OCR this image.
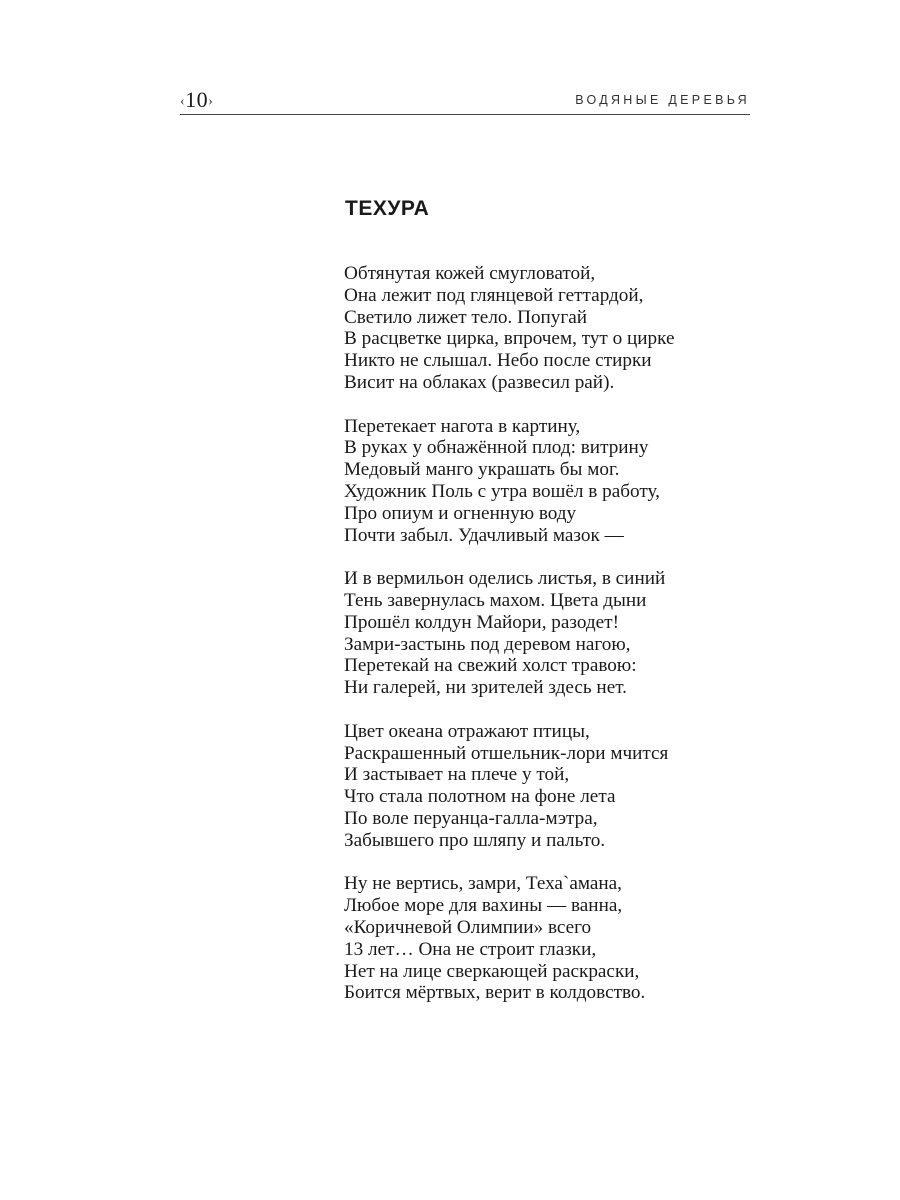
‹10›	ВОДЯНЫЕ ДЕРЕВЬЯ
ТЕХУРА
Обтянутая кожей смугловатой,
Она лежит под глянцевой геттардой,
Светило лижет тело. Попугай
В расцветке цирка, впрочем, тут о цирке
Никто не слышал. Небо после стирки
Висит на облаках (развесил рай).
Перетекает нагота в картину,
В руках у обнажённой плод: витрину
Медовый манго украшать бы мог.
Художник Поль с утра вошёл в работу,
Про опиум и огненную воду
Почти забыл. Удачливый мазок —
И в вермильон оделись листья, в синий
Тень завернулась махом. Цвета дыни
Прошёл колдун Майори, разодет!
Замри-застынь под деревом нагою,
Перетекай на свежий холст травою:
Ни галерей, ни зрителей здесь нет.
Цвет океана отражают птицы,
Раскрашенный отшельник-лори мчится
И застывает на плече у той,
Что стала полотном на фоне лета
По воле перуанца-галла-мэтра,
Забывшего про шляпу и пальто.
Ну не вертись, замри, Теха`амана,
Любое море для вахины — ванна,
«Коричневой Олимпии» всего
13 лет… Она не строит глазки,
Нет на лице сверкающей раскраски,
Боится мёртвых, верит в колдовство.
